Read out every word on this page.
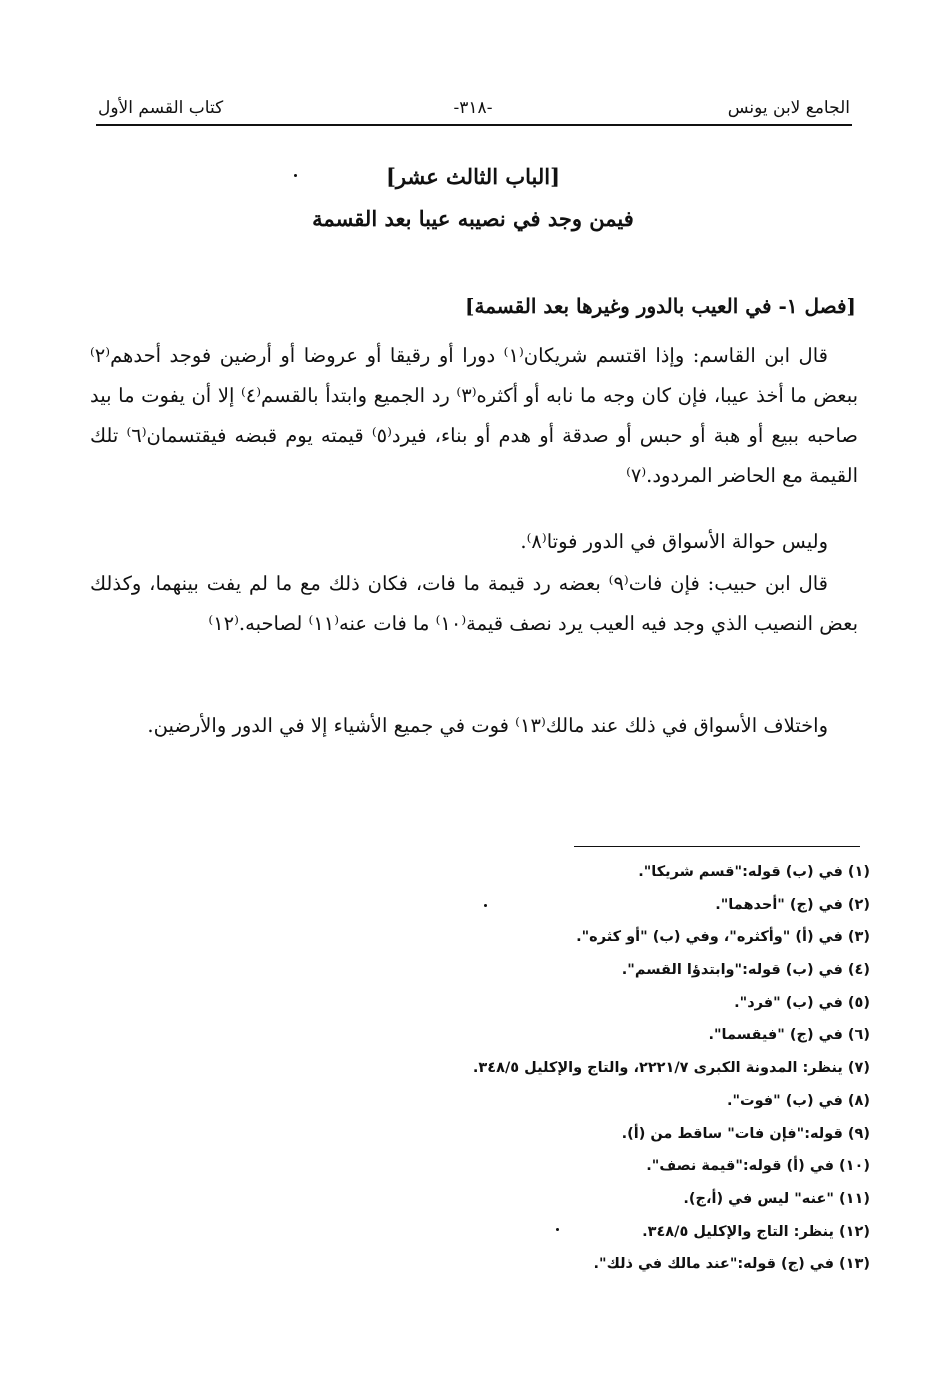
الجامع لابن يونس
-٣١٨-
كتاب القسم الأول
[الباب الثالث عشر]
فيمن وجد في نصيبه عيبا بعد القسمة
[فصل ١- في العيب بالدور وغيرها بعد القسمة]
قال ابن القاسم: وإذا اقتسم شريكان⁽١⁾ دورا أو رقيقا أو عروضا أو أرضين فوجد أحدهم⁽٢⁾ ببعض ما أخذ عيبا، فإن كان وجه ما نابه أو أكثره⁽٣⁾ رد الجميع وابتدأ بالقسم⁽٤⁾ إلا أن يفوت ما بيد صاحبه ببيع أو هبة أو حبس أو صدقة أو هدم أو بناء، فيرد⁽٥⁾ قيمته يوم قبضه فيقتسمان⁽٦⁾ تلك القيمة مع الحاضر المردود.⁽٧⁾
وليس حوالة الأسواق في الدور فوتا⁽٨⁾.
قال ابن حبيب: فإن فات⁽٩⁾ بعضه رد قيمة ما فات، فكان ذلك مع ما لم يفت بينهما، وكذلك بعض النصيب الذي وجد فيه العيب يرد نصف قيمة⁽١٠⁾ ما فات عنه⁽١١⁾ لصاحبه.⁽١٢⁾
واختلاف الأسواق في ذلك عند مالك⁽١٣⁾ فوت في جميع الأشياء إلا في الدور والأرضين.
(١) في (ب) قوله:"قسم شريكا".
(٢) في (ج) "أحدهما".
(٣) في (أ) "وأكثره"، وفي (ب) "أو كثره".
(٤) في (ب) قوله:"وابتدؤا القسم".
(٥) في (ب) "فرد".
(٦) في (ج) "فيقسما".
(٧) ينظر: المدونة الكبرى ٢٢٢١/٧، والتاج والإكليل ٣٤٨/٥.
(٨) في (ب) "فوت".
(٩) قوله:"فإن فات" ساقط من (أ).
(١٠) في (أ) قوله:"قيمة نصف".
(١١) "عنه" ليس في (أ،ج).
(١٢) ينظر: التاج والإكليل ٣٤٨/٥.
(١٣) في (ج) قوله:"عند مالك في ذلك".
